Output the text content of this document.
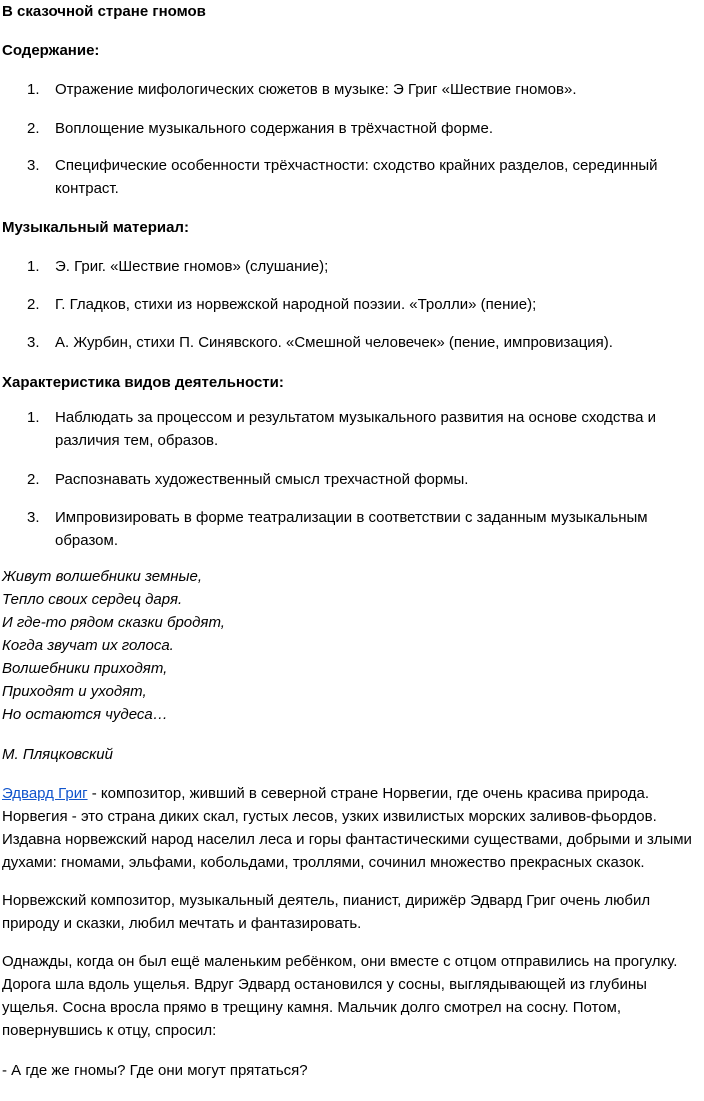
В сказочной стране гномов
Содержание:
1. Отражение мифологических сюжетов в музыке: Э Григ «Шествие гномов».
2. Воплощение музыкального содержания в трёхчастной форме.
3. Специфические особенности трёхчастности: сходство крайних разделов, серединный
контраст.
Музыкальный материал:
1. Э. Григ. «Шествие гномов» (слушание);
2. Г. Гладков, стихи из норвежской народной поэзии. «Тролли» (пение);
3. А. Журбин, стихи П. Синявского. «Смешной человечек» (пение, импровизация).
Характеристика видов деятельности:
1. Наблюдать за процессом и результатом музыкального развития на основе сходства и
различия тем, образов.
2. Распознавать художественный смысл трехчастной формы.
3. Импровизировать в форме театрализации в соответствии с заданным музыкальным
образом.
Живут волшебники земные,
Тепло своих сердец даря.
И где-то рядом сказки бродят,
Когда звучат их голоса.
Волшебники приходят,
Приходят и уходят,
Но остаются чудеса…
М. Пляцковский
Эдвард Григ - композитор, живший в северной стране Норвегии, где очень красива природа.
Норвегия - это страна диких скал, густых лесов, узких извилистых морских заливов-фьордов.
Издавна норвежский народ населил леса и горы фантастическими существами, добрыми и злыми
духами: гномами, эльфами, кобольдами, троллями, сочинил множество прекрасных сказок.
Норвежский композитор, музыкальный деятель, пианист, дирижёр Эдвард Григ очень любил
природу и сказки, любил мечтать и фантазировать.
Однажды, когда он был ещё маленьким ребёнком, они вместе с отцом отправились на прогулку.
Дорога шла вдоль ущелья. Вдруг Эдвард остановился у сосны, выглядывающей из глубины
ущелья. Сосна вросла прямо в трещину камня. Мальчик долго смотрел на сосну. Потом,
повернувшись к отцу, спросил:
- А где же гномы? Где они могут прятаться?
